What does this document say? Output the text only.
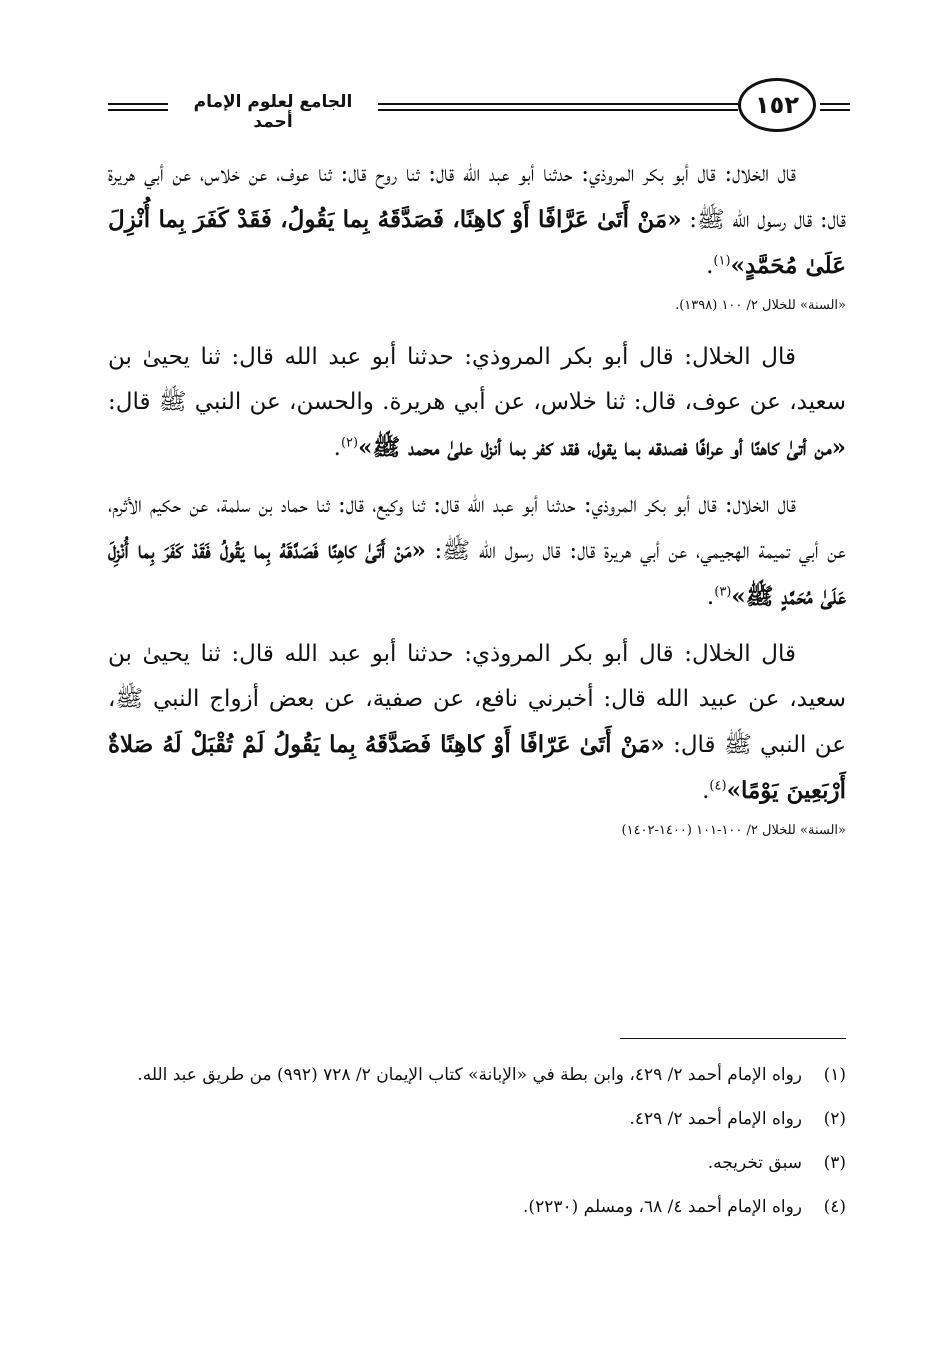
الجامع لعلوم الإمام أحمد
١٥٢

قال الخلال: قال أبو بكر المروذي: حدثنا أبو عبد الله قال: ثنا روح قال: ثنا عوف، عن خلاس، عن أبي هريرة قال: قال رسول الله ﷺ: «مَنْ أَتَىٰ عَرَّافًا أَوْ كاهِنًا، فَصَدَّقَهُ بِما يَقُولُ، فَقَدْ كَفَرَ بِما أُنْزِلَ عَلَىٰ مُحَمَّدٍ»$^{(١)}$.

«السنة» للخلال ٢/ ١٠٠ (١٣٩٨).

قال الخلال: قال أبو بكر المروذي: حدثنا أبو عبد الله قال: ثنا يحيىٰ بن سعيد، عن عوف، قال: ثنا خلاس، عن أبي هريرة. والحسن، عن النبي ﷺ قال: «من أتىٰ كاهنًا أو عرافًا فصدقه بما يقول، فقد كفر بما أنزل علىٰ محمد ﷺ»$^{(٢)}$.

قال الخلال: قال أبو بكر المروذي: حدثنا أبو عبد الله قال: ثنا وكيع، قال: ثنا حماد بن سلمة، عن حكيم الأثرم، عن أبي تميمة الهجيمي، عن أبي هريرة قال: قال رسول الله ﷺ: «مَنْ أَتَىٰ كاهِنًا فَصَدَّقَهُ بِما يَقُولُ فَقَدْ كَفَرَ بِما أُنْزِلَ عَلَىٰ مُحَمَّدٍ ﷺ»$^{(٣)}$.

قال الخلال: قال أبو بكر المروذي: حدثنا أبو عبد الله قال: ثنا يحيىٰ بن سعيد، عن عبيد الله قال: أخبرني نافع، عن صفية، عن بعض أزواج النبي ﷺ، عن النبي ﷺ قال: «مَنْ أَتَىٰ عَرّافًا أَوْ كاهِنًا فَصَدَّقَهُ بِما يَقُولُ لَمْ تُقْبَلْ لَهُ صَلاةٌ أَرْبَعِينَ يَوْمًا»$^{(٤)}$.

«السنة» للخلال ٢/ ١٠٠-١٠١ (١٤٠٠-١٤٠٢)
(١)
رواه الإمام أحمد ٢/ ٤٢٩، وابن بطة في «الإبانة» كتاب الإيمان ٢/ ٧٢٨ (٩٩٢) من طريق عبد الله.
(٢)
رواه الإمام أحمد ٢/ ٤٢٩.
(٣)
سبق تخريجه.
(٤)
رواه الإمام أحمد ٤/ ٦٨، ومسلم (٢٢٣٠).
